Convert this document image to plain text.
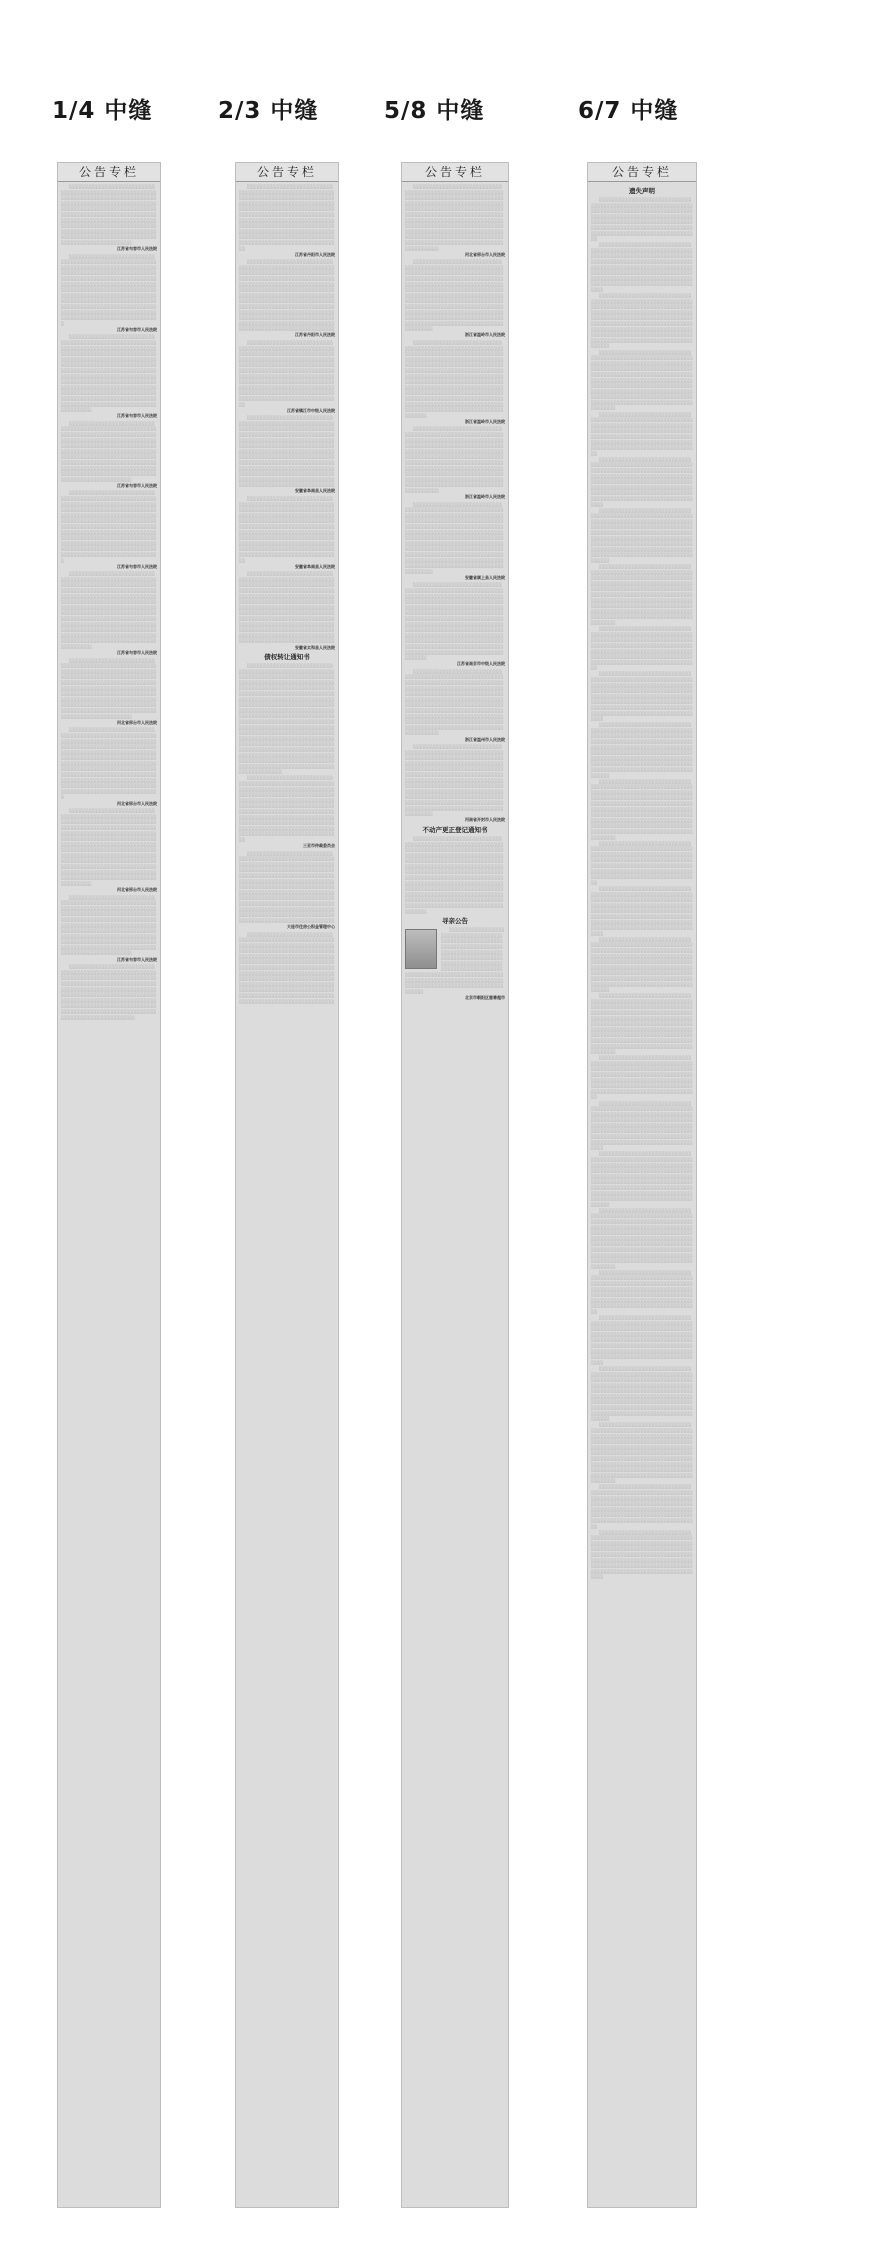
1/4 中缝	2/3 中缝	5/8 中缝	6/7 中缝
公告专栏

░░░░░░░░░░░░░░░░░░░░░░░░░░░░░░░░░░░░░░░░░░░░░░░░░░░░░░░░░░░░░░░░░░░░░░░░░░░░░░░░░░░░░░░░░░░░░░░░░░░░░░░░░░░░░░░░░░░░░░░░░░░░░░░░░░░░░░░░░░░░░░░░░░░░░░░░░░░░░░░░░░░░░░░░░░░░░░░░░░░░░░░░░░░░░░░░░░░░░░░░░░░░░░░░░░░░░░░░░░░░░░░░░░░░░░░░░░░░░░░░░░░░░░░░░░░░░░░░░░░░░░░░░░░░░░░░░░░░░░░░░░░░░░░░░░░░░░░░░░░░░░░░░░░░░░░░░░░░░░░░░░░░░░░░░░

江苏省句容市人民法院

░░░░░░░░░░░░░░░░░░░░░░░░░░░░░░░░░░░░░░░░░░░░░░░░░░░░░░░░░░░░░░░░░░░░░░░░░░░░░░░░░░░░░░░░░░░░░░░░░░░░░░░░░░░░░░░░░░░░░░░░░░░░░░░░░░░░░░░░░░░░░░░░░░░░░░░░░░░░░░░░░░░░░░░░░░░░░░░░░░░░░░░░░░░░░░░░░░░░░░░░░░░░░░░░░░░░░░░░░░░░░░░░░░░░░░░░░░░░░░░░░░░░░░░░░░░░░░░░░░░░░░░░░░░░░░░░░░░░░░░░░░░░░░░░░░░░░░░░░░░░░░░░░░░░░░░░░░░░░░░░░░░░░░░░░░░░░░░░░░░░░░░░░░░░░░░░░░░░░░░░░░░░░░░░░░

江苏省句容市人民法院

░░░░░░░░░░░░░░░░░░░░░░░░░░░░░░░░░░░░░░░░░░░░░░░░░░░░░░░░░░░░░░░░░░░░░░░░░░░░░░░░░░░░░░░░░░░░░░░░░░░░░░░░░░░░░░░░░░░░░░░░░░░░░░░░░░░░░░░░░░░░░░░░░░░░░░░░░░░░░░░░░░░░░░░░░░░░░░░░░░░░░░░░░░░░░░░░░░░░░░░░░░░░░░░░░░░░░░░░░░░░░░░░░░░░░░░░░░░░░░░░░░░░░░░░░░░░░░░░░░░░░░░░░░░░░░░░░░░░░░░░░░░░░░░░░░░░░░░░░░░░░░░░░░░░░░░░░░░░░░░░░░░░░░░░░░░░░░░░░░░░░░░░░░░░░░░░░░░░░░░░░░░░░░░░░░░░░░░░░░░░░░░░░░░░░░░░░░░░░░░░░░░░░░░░░░

江苏省句容市人民法院

░░░░░░░░░░░░░░░░░░░░░░░░░░░░░░░░░░░░░░░░░░░░░░░░░░░░░░░░░░░░░░░░░░░░░░░░░░░░░░░░░░░░░░░░░░░░░░░░░░░░░░░░░░░░░░░░░░░░░░░░░░░░░░░░░░░░░░░░░░░░░░░░░░░░░░░░░░░░░░░░░░░░░░░░░░░░░░░░░░░░░░░░░░░░░░░░░░░░░░░░░░░░░░░░░░░░░░░░░░░░░░░░░░░░░░░░░░░░░░░░░░░░░░░░░░░░░░░░░░░░░░░░░░░░░░░░░░░░░░░░░░░░░░░░░░░░░░░░░░░░░░░░░░░░░░░░░░░░░░░░░░░░░░░░░░

江苏省句容市人民法院

░░░░░░░░░░░░░░░░░░░░░░░░░░░░░░░░░░░░░░░░░░░░░░░░░░░░░░░░░░░░░░░░░░░░░░░░░░░░░░░░░░░░░░░░░░░░░░░░░░░░░░░░░░░░░░░░░░░░░░░░░░░░░░░░░░░░░░░░░░░░░░░░░░░░░░░░░░░░░░░░░░░░░░░░░░░░░░░░░░░░░░░░░░░░░░░░░░░░░░░░░░░░░░░░░░░░░░░░░░░░░░░░░░░░░░░░░░░░░░░░░░░░░░░░░░░░░░░░░░░░░░░░░░░░░░░░░░░░░░░░░░░░░░░░░░░░░░░░░░░░░░░░░░░░░░░░░░░░░░░░░░░░░░░░░░░░░░░░░░░░░░░░░░░░░░░░░░░░░░░░░░░░░░░░░░

江苏省句容市人民法院

░░░░░░░░░░░░░░░░░░░░░░░░░░░░░░░░░░░░░░░░░░░░░░░░░░░░░░░░░░░░░░░░░░░░░░░░░░░░░░░░░░░░░░░░░░░░░░░░░░░░░░░░░░░░░░░░░░░░░░░░░░░░░░░░░░░░░░░░░░░░░░░░░░░░░░░░░░░░░░░░░░░░░░░░░░░░░░░░░░░░░░░░░░░░░░░░░░░░░░░░░░░░░░░░░░░░░░░░░░░░░░░░░░░░░░░░░░░░░░░░░░░░░░░░░░░░░░░░░░░░░░░░░░░░░░░░░░░░░░░░░░░░░░░░░░░░░░░░░░░░░░░░░░░░░░░░░░░░░░░░░░░░░░░░░░░░░░░░░░░░░░░░░░░░░░░░░░░░░░░░░░░░░░░░░░░░░░░░░░░░░░░░░░░░░░░░░░░░░░░░░░░░░░░░░░

江苏省句容市人民法院

░░░░░░░░░░░░░░░░░░░░░░░░░░░░░░░░░░░░░░░░░░░░░░░░░░░░░░░░░░░░░░░░░░░░░░░░░░░░░░░░░░░░░░░░░░░░░░░░░░░░░░░░░░░░░░░░░░░░░░░░░░░░░░░░░░░░░░░░░░░░░░░░░░░░░░░░░░░░░░░░░░░░░░░░░░░░░░░░░░░░░░░░░░░░░░░░░░░░░░░░░░░░░░░░░░░░░░░░░░░░░░░░░░░░░░░░░░░░░░░░░░░░░░░░░░░░░░░░░░░░░░░░░░░░░░░░░░░░░░░░░░░░░░░░░░░░░░░░░░░░░░░░░░░░░░░░░░░░░░░░░░░░░░░░░░

河北省邢台市人民法院

░░░░░░░░░░░░░░░░░░░░░░░░░░░░░░░░░░░░░░░░░░░░░░░░░░░░░░░░░░░░░░░░░░░░░░░░░░░░░░░░░░░░░░░░░░░░░░░░░░░░░░░░░░░░░░░░░░░░░░░░░░░░░░░░░░░░░░░░░░░░░░░░░░░░░░░░░░░░░░░░░░░░░░░░░░░░░░░░░░░░░░░░░░░░░░░░░░░░░░░░░░░░░░░░░░░░░░░░░░░░░░░░░░░░░░░░░░░░░░░░░░░░░░░░░░░░░░░░░░░░░░░░░░░░░░░░░░░░░░░░░░░░░░░░░░░░░░░░░░░░░░░░░░░░░░░░░░░░░░░░░░░░░░░░░░░░░░░░░░░░░░░░░░░░░░░░░░░░░░░░░░░░░░░░░░

河北省邢台市人民法院

░░░░░░░░░░░░░░░░░░░░░░░░░░░░░░░░░░░░░░░░░░░░░░░░░░░░░░░░░░░░░░░░░░░░░░░░░░░░░░░░░░░░░░░░░░░░░░░░░░░░░░░░░░░░░░░░░░░░░░░░░░░░░░░░░░░░░░░░░░░░░░░░░░░░░░░░░░░░░░░░░░░░░░░░░░░░░░░░░░░░░░░░░░░░░░░░░░░░░░░░░░░░░░░░░░░░░░░░░░░░░░░░░░░░░░░░░░░░░░░░░░░░░░░░░░░░░░░░░░░░░░░░░░░░░░░░░░░░░░░░░░░░░░░░░░░░░░░░░░░░░░░░░░░░░░░░░░░░░░░░░░░░░░░░░░░░░░░░░░░░░░░░░░░░░░░░░░░░░░░░░░░░░░░░░░░░░░░░░░░░░░░░░░░░░░░░░░░░░░░░░░░░░░░░░░

河北省邢台市人民法院

░░░░░░░░░░░░░░░░░░░░░░░░░░░░░░░░░░░░░░░░░░░░░░░░░░░░░░░░░░░░░░░░░░░░░░░░░░░░░░░░░░░░░░░░░░░░░░░░░░░░░░░░░░░░░░░░░░░░░░░░░░░░░░░░░░░░░░░░░░░░░░░░░░░░░░░░░░░░░░░░░░░░░░░░░░░░░░░░░░░░░░░░░░░░░░░░░░░░░░░░░░░░░░░░░░░░░░░░░░░░░░░░░░░░░░░░░░░░░░░░░░░░░░░░░░░░░░░░░░░░░░░░░░░░░░░░░░░░░░░░░░░░░░░░░░░░░░░░░░░░░░░░░░░░░░░░░░░░░░░░░░░░░░░░░░

江苏省句容市人民法院

░░░░░░░░░░░░░░░░░░░░░░░░░░░░░░░░░░░░░░░░░░░░░░░░░░░░░░░░░░░░░░░░░░░░░░░░░░░░░░░░░░░░░░░░░░░░░░░░░░░░░░░░░░░░░░░░░░░░░░░░░░░░░░░░░░░░░░░░░░░░░░░░░░░░░░░░░░░░░░░░░░░░░░░░░░░░░░░░░░░░░░░░░░░░░░░░░░░░░░░░░░░░░░░░░░░░░░░░░░░░░░░░░░░░░░░░░░░░░░░░░░░░░░░░░░░░░░░░░░░░░░░░░░░░░░░░░░░░░░░░░░░░░░░░░░░░░░░░░░░░

公告专栏

░░░░░░░░░░░░░░░░░░░░░░░░░░░░░░░░░░░░░░░░░░░░░░░░░░░░░░░░░░░░░░░░░░░░░░░░░░░░░░░░░░░░░░░░░░░░░░░░░░░░░░░░░░░░░░░░░░░░░░░░░░░░░░░░░░░░░░░░░░░░░░░░░░░░░░░░░░░░░░░░░░░░░░░░░░░░░░░░░░░░░░░░░░░░░░░░░░░░░░░░░░░░░░░░░░░░░░░░░░░░░░░░░░░░░░░░░░░░░░░░░░░░░░░░░░░░░░░░░░░░░░░░░░░░░░░░░░░░░░░░░░░░░░░░░░░░░░░░░░░░░░░░░░░░░░░░░░░░░░░░░░░░░░░░░░░░░░░░░░░░

江苏省丹阳市人民法院

░░░░░░░░░░░░░░░░░░░░░░░░░░░░░░░░░░░░░░░░░░░░░░░░░░░░░░░░░░░░░░░░░░░░░░░░░░░░░░░░░░░░░░░░░░░░░░░░░░░░░░░░░░░░░░░░░░░░░░░░░░░░░░░░░░░░░░░░░░░░░░░░░░░░░░░░░░░░░░░░░░░░░░░░░░░░░░░░░░░░░░░░░░░░░░░░░░░░░░░░░░░░░░░░░░░░░░░░░░░░░░░░░░░░░░░░░░░░░░░░░░░░░░░░░░░░░░░░░░░░░░░░░░░░░░░░░░░░░░░░░░░░░░░░░░░░░░░░░░░░░░░░░░░░░░░░░░░░░░░░░░░░░░░░░░░░░░░░░░░░░░░░░░░░░░░░░░░░░░░░░░░░░░░░░░░░░░░░░░░░░░░░░░░░░░░░░░░░░░░░

江苏省丹阳市人民法院

░░░░░░░░░░░░░░░░░░░░░░░░░░░░░░░░░░░░░░░░░░░░░░░░░░░░░░░░░░░░░░░░░░░░░░░░░░░░░░░░░░░░░░░░░░░░░░░░░░░░░░░░░░░░░░░░░░░░░░░░░░░░░░░░░░░░░░░░░░░░░░░░░░░░░░░░░░░░░░░░░░░░░░░░░░░░░░░░░░░░░░░░░░░░░░░░░░░░░░░░░░░░░░░░░░░░░░░░░░░░░░░░░░░░░░░░░░░░░░░░░░░░░░░░░░░░░░░░░░░░░░░░░░░░░░░░░░░░░░░░░░░░░░░░░░░░░░░░░░░░░░░░░░░░░░░░░░░░░░░░░░░░░░░░░░░░░░░░░░░░

江苏省镇江市中级人民法院

░░░░░░░░░░░░░░░░░░░░░░░░░░░░░░░░░░░░░░░░░░░░░░░░░░░░░░░░░░░░░░░░░░░░░░░░░░░░░░░░░░░░░░░░░░░░░░░░░░░░░░░░░░░░░░░░░░░░░░░░░░░░░░░░░░░░░░░░░░░░░░░░░░░░░░░░░░░░░░░░░░░░░░░░░░░░░░░░░░░░░░░░░░░░░░░░░░░░░░░░░░░░░░░░░░░░░░░░░░░░░░░░░░░░░░░░░░░░░░░░░░░░░░░░░░░░░░░░░░░░░░░░░░░░░░░░░░░░░░░░░░░░░░░░░░░░░░░░░░░░░░░░░░░░░░░░░░░░░░░░░░░░░░░░░░░░░░░░░░░░░░░░░░░░░░░░░░░░░░░░░░░░░░░░░░░░░░░░░░░░░░░░░░░░░░░░░░░░░░░░

安徽省阜南县人民法院

░░░░░░░░░░░░░░░░░░░░░░░░░░░░░░░░░░░░░░░░░░░░░░░░░░░░░░░░░░░░░░░░░░░░░░░░░░░░░░░░░░░░░░░░░░░░░░░░░░░░░░░░░░░░░░░░░░░░░░░░░░░░░░░░░░░░░░░░░░░░░░░░░░░░░░░░░░░░░░░░░░░░░░░░░░░░░░░░░░░░░░░░░░░░░░░░░░░░░░░░░░░░░░░░░░░░░░░░░░░░░░░░░░░░░░░░░░░░░░░░░░░░░░░░░░░░░░░░░░░░░░░░░░░░░░░░░░░░░░░░░░░░░░░░░░░░░░░░░░░░░░░░░░░░░░░░░░░░░░░░░░░░░░░░░░░░░░░░░░░░

安徽省阜南县人民法院

░░░░░░░░░░░░░░░░░░░░░░░░░░░░░░░░░░░░░░░░░░░░░░░░░░░░░░░░░░░░░░░░░░░░░░░░░░░░░░░░░░░░░░░░░░░░░░░░░░░░░░░░░░░░░░░░░░░░░░░░░░░░░░░░░░░░░░░░░░░░░░░░░░░░░░░░░░░░░░░░░░░░░░░░░░░░░░░░░░░░░░░░░░░░░░░░░░░░░░░░░░░░░░░░░░░░░░░░░░░░░░░░░░░░░░░░░░░░░░░░░░░░░░░░░░░░░░░░░░░░░░░░░░░░░░░░░░░░░░░░░░░░░░░░░░░░░░░░░░░░░░░░░░░░░░░░░░░░░░░░░░░░░░░░░░░░░░░░░░░░░░░░░░░░░░░░░░░░░░░░░░░░░░░░░░░░░░░░░░░░░░░░░░░░░░░░░░░░░░░░

安徽省太和县人民法院

债权转让通知书

░░░░░░░░░░░░░░░░░░░░░░░░░░░░░░░░░░░░░░░░░░░░░░░░░░░░░░░░░░░░░░░░░░░░░░░░░░░░░░░░░░░░░░░░░░░░░░░░░░░░░░░░░░░░░░░░░░░░░░░░░░░░░░░░░░░░░░░░░░░░░░░░░░░░░░░░░░░░░░░░░░░░░░░░░░░░░░░░░░░░░░░░░░░░░░░░░░░░░░░░░░░░░░░░░░░░░░░░░░░░░░░░░░░░░░░░░░░░░░░░░░░░░░░░░░░░░░░░░░░░░░░░░░░░░░░░░░░░░░░░░░░░░░░░░░░░░░░░░░░░░░░░░░░░░░░░░░░░░░░░░░░░░░░░░░░░░░░░░░░░░░░░░░░░░░░░░░░░░░░░░░░░░░░░░░░░░░░░░░░░░░░░░░░░░░░░░░░░░░░░░░░░░░░░░░░░░░░░░░░░░░░░░░░░░░░░░░░░░░░░░░░░░░░░░░░░░░░░░░░░░░░░░░░░░░░░░░░░░░░░░░░░░░░░░░░░░░░░░░░░░░░░░░░░░░░░░░░░░░░░░░░░░░░░░░░░░░░░░░░░░░░░░░░░░░░░░░░░░░░░░░░░░░░░░░░░░░░░░░░░░░░░░░░░░░░░░░░░░░░░

░░░░░░░░░░░░░░░░░░░░░░░░░░░░░░░░░░░░░░░░░░░░░░░░░░░░░░░░░░░░░░░░░░░░░░░░░░░░░░░░░░░░░░░░░░░░░░░░░░░░░░░░░░░░░░░░░░░░░░░░░░░░░░░░░░░░░░░░░░░░░░░░░░░░░░░░░░░░░░░░░░░░░░░░░░░░░░░░░░░░░░░░░░░░░░░░░░░░░░░░░░░░░░░░░░░░░░░░░░░░░░░░░░░░░░░░░░░░░░░░░░░░░░░░░░░░░░░░░░░░░░░░░░░░░░░░░░░░░░░░░░░░░░░░░░░░░░░░░░░░░░░░░░░░░░░░░░░░░░░░░░░░░░░░░░░░░░░░░░░░

三亚市仲裁委员会

░░░░░░░░░░░░░░░░░░░░░░░░░░░░░░░░░░░░░░░░░░░░░░░░░░░░░░░░░░░░░░░░░░░░░░░░░░░░░░░░░░░░░░░░░░░░░░░░░░░░░░░░░░░░░░░░░░░░░░░░░░░░░░░░░░░░░░░░░░░░░░░░░░░░░░░░░░░░░░░░░░░░░░░░░░░░░░░░░░░░░░░░░░░░░░░░░░░░░░░░░░░░░░░░░░░░░░░░░░░░░░░░░░░░░░░░░░░░░░░░░░░░░░░░░░░░░░░░░░░░░░░░░░░░░░░░░░░░░░░░░░░░░░░░░░░░░░░░░░░░░░░░░░░░░░░░░░░░░░░░░░░░░░░░░░░░░░░░░░░░░░░░░░░░░░░░░░░░░░░░░░░░░░░░░░░░░░░░░░░░░░░░░░░░░░░░░░░░░░░░

大连市住房公积金管理中心

░░░░░░░░░░░░░░░░░░░░░░░░░░░░░░░░░░░░░░░░░░░░░░░░░░░░░░░░░░░░░░░░░░░░░░░░░░░░░░░░░░░░░░░░░░░░░░░░░░░░░░░░░░░░░░░░░░░░░░░░░░░░░░░░░░░░░░░░░░░░░░░░░░░░░░░░░░░░░░░░░░░░░░░░░░░░░░░░░░░░░░░░░░░░░░░░░░░░░░░░░░░░░░░░░░░░░░░░░░░░░░░░░░░░░░░░░░░░░░░░░░░░░░░░░░░░░░░░░░░░░░░░░░░░░░░░░░░░░░░░░░░░░░░░░░░░░░░░░░░░░░░░░░░░░░░░░░░░░░░░░░░░░░░░░░░░░░░░░░░░░░░░░░░░░░░░░░░░░░░░░░░░░░░░░░░░░░░░░░░░░░░░░░░░░░░░░░░░░░░░

公告专栏

░░░░░░░░░░░░░░░░░░░░░░░░░░░░░░░░░░░░░░░░░░░░░░░░░░░░░░░░░░░░░░░░░░░░░░░░░░░░░░░░░░░░░░░░░░░░░░░░░░░░░░░░░░░░░░░░░░░░░░░░░░░░░░░░░░░░░░░░░░░░░░░░░░░░░░░░░░░░░░░░░░░░░░░░░░░░░░░░░░░░░░░░░░░░░░░░░░░░░░░░░░░░░░░░░░░░░░░░░░░░░░░░░░░░░░░░░░░░░░░░░░░░░░░░░░░░░░░░░░░░░░░░░░░░░░░░░░░░░░░░░░░░░░░░░░░░░░░░░░░░░░░░░░░░░░░░░░░░░░░░░░░░░░░░░░░░░░░░░░░░░░░░░░░░░░░░░░░░░░░░

河北省邢台市人民法院

░░░░░░░░░░░░░░░░░░░░░░░░░░░░░░░░░░░░░░░░░░░░░░░░░░░░░░░░░░░░░░░░░░░░░░░░░░░░░░░░░░░░░░░░░░░░░░░░░░░░░░░░░░░░░░░░░░░░░░░░░░░░░░░░░░░░░░░░░░░░░░░░░░░░░░░░░░░░░░░░░░░░░░░░░░░░░░░░░░░░░░░░░░░░░░░░░░░░░░░░░░░░░░░░░░░░░░░░░░░░░░░░░░░░░░░░░░░░░░░░░░░░░░░░░░░░░░░░░░░░░░░░░░░░░░░░░░░░░░░░░░░░░░░░░░░░░░░░░░░░░░░░░░░░░░░░░░░░░░░░░░░░░░░░░░░░░░░░░░░░░░░░░░░░░░░░░░░░░░░░░░░░░░░░░░░░░░░░░░░░░░░░░░░░░░

浙江省温岭市人民法院

░░░░░░░░░░░░░░░░░░░░░░░░░░░░░░░░░░░░░░░░░░░░░░░░░░░░░░░░░░░░░░░░░░░░░░░░░░░░░░░░░░░░░░░░░░░░░░░░░░░░░░░░░░░░░░░░░░░░░░░░░░░░░░░░░░░░░░░░░░░░░░░░░░░░░░░░░░░░░░░░░░░░░░░░░░░░░░░░░░░░░░░░░░░░░░░░░░░░░░░░░░░░░░░░░░░░░░░░░░░░░░░░░░░░░░░░░░░░░░░░░░░░░░░░░░░░░░░░░░░░░░░░░░░░░░░░░░░░░░░░░░░░░░░░░░░░░░░░░░░░░░░░░░░░░░░░░░░░░░░░░░░░░░░░░░░░░░░░░░░░░░░░░░░░░░░░░░░░░░░░░░░░░░░░░░░░░░░░░░░░░░░░░░░░░░░░░░░░░░░░░░░░░░░░░░░░░░░░░░░░

浙江省温岭市人民法院

░░░░░░░░░░░░░░░░░░░░░░░░░░░░░░░░░░░░░░░░░░░░░░░░░░░░░░░░░░░░░░░░░░░░░░░░░░░░░░░░░░░░░░░░░░░░░░░░░░░░░░░░░░░░░░░░░░░░░░░░░░░░░░░░░░░░░░░░░░░░░░░░░░░░░░░░░░░░░░░░░░░░░░░░░░░░░░░░░░░░░░░░░░░░░░░░░░░░░░░░░░░░░░░░░░░░░░░░░░░░░░░░░░░░░░░░░░░░░░░░░░░░░░░░░░░░░░░░░░░░░░░░░░░░░░░░░░░░░░░░░░░░░░░░░░░░░░░░░░░░░░░░░░░░░░░░░░░░░░░░░░░░░░░░░░░░░░░░░░░░░░░░░░░░░░░░░░░░░░░░

浙江省温岭市人民法院

░░░░░░░░░░░░░░░░░░░░░░░░░░░░░░░░░░░░░░░░░░░░░░░░░░░░░░░░░░░░░░░░░░░░░░░░░░░░░░░░░░░░░░░░░░░░░░░░░░░░░░░░░░░░░░░░░░░░░░░░░░░░░░░░░░░░░░░░░░░░░░░░░░░░░░░░░░░░░░░░░░░░░░░░░░░░░░░░░░░░░░░░░░░░░░░░░░░░░░░░░░░░░░░░░░░░░░░░░░░░░░░░░░░░░░░░░░░░░░░░░░░░░░░░░░░░░░░░░░░░░░░░░░░░░░░░░░░░░░░░░░░░░░░░░░░░░░░░░░░░░░░░░░░░░░░░░░░░░░░░░░░░░░░░░░░░░░░░░░░░░░░░░░░░░░░░░░░░░░░░░░░░░░░░░░░░░░░░░░░░░░░░░░░░░░

安徽省颍上县人民法院

░░░░░░░░░░░░░░░░░░░░░░░░░░░░░░░░░░░░░░░░░░░░░░░░░░░░░░░░░░░░░░░░░░░░░░░░░░░░░░░░░░░░░░░░░░░░░░░░░░░░░░░░░░░░░░░░░░░░░░░░░░░░░░░░░░░░░░░░░░░░░░░░░░░░░░░░░░░░░░░░░░░░░░░░░░░░░░░░░░░░░░░░░░░░░░░░░░░░░░░░░░░░░░░░░░░░░░░░░░░░░░░░░░░░░░░░░░░░░░░░░░░░░░░░░░░░░░░░░░░░░░░░░░░░░░░░░░░░░░░░░░░░░░░░░░░░░░░░░░░░░░░░░░░░░░░░░░░░░░░░░░░░░░░░░░░░░░░░░░░░░░░░░░░░░░░░░░░░░░░░░░░░░░░░░░░░░░░░░░░░░░░░░░░░░░░░░░░░░░░░░░░░░░░░░░░░░░░░░░░░

江苏省南京市中级人民法院

░░░░░░░░░░░░░░░░░░░░░░░░░░░░░░░░░░░░░░░░░░░░░░░░░░░░░░░░░░░░░░░░░░░░░░░░░░░░░░░░░░░░░░░░░░░░░░░░░░░░░░░░░░░░░░░░░░░░░░░░░░░░░░░░░░░░░░░░░░░░░░░░░░░░░░░░░░░░░░░░░░░░░░░░░░░░░░░░░░░░░░░░░░░░░░░░░░░░░░░░░░░░░░░░░░░░░░░░░░░░░░░░░░░░░░░░░░░░░░░░░░░░░░░░░░░░░░░░░░░░░░░░░░░░░░░░░░░░░░░░░░░░░░░░░░░░░░░░░░░░░░░░░░░░░░░░░░░░░░░░░░░░░░░░░░░░░░░░░░░░░░░░░░░░░░░░░░░░░░░░

浙江省温州市人民法院

░░░░░░░░░░░░░░░░░░░░░░░░░░░░░░░░░░░░░░░░░░░░░░░░░░░░░░░░░░░░░░░░░░░░░░░░░░░░░░░░░░░░░░░░░░░░░░░░░░░░░░░░░░░░░░░░░░░░░░░░░░░░░░░░░░░░░░░░░░░░░░░░░░░░░░░░░░░░░░░░░░░░░░░░░░░░░░░░░░░░░░░░░░░░░░░░░░░░░░░░░░░░░░░░░░░░░░░░░░░░░░░░░░░░░░░░░░░░░░░░░░░░░░░░░░░░░░░░░░░░░░░░░░░░░░░░░░░░░░░░░░░░░░░░░░░░░░░░░░░░░░░░░░░░░░░░░░░░░░░░░░░░░░░░░░░░░░░░░░░░░░░░░░░░░░░░░░░░░░░░░░░░░░░░░░░░░░░░░░░░░░░░░░░░░░

河南省开封市人民法院

不动产更正登记通知书

░░░░░░░░░░░░░░░░░░░░░░░░░░░░░░░░░░░░░░░░░░░░░░░░░░░░░░░░░░░░░░░░░░░░░░░░░░░░░░░░░░░░░░░░░░░░░░░░░░░░░░░░░░░░░░░░░░░░░░░░░░░░░░░░░░░░░░░░░░░░░░░░░░░░░░░░░░░░░░░░░░░░░░░░░░░░░░░░░░░░░░░░░░░░░░░░░░░░░░░░░░░░░░░░░░░░░░░░░░░░░░░░░░░░░░░░░░░░░░░░░░░░░░░░░░░░░░░░░░░░░░░░░░░░░░░░░░░░░░░░░░░░░░░░░░░░░░░░░░░░░░░░░░░░░░░░░░░░░░░░░░░░░░░░░░░░░░░░░░░░░░░░░░░░░░░░░░░░░░░░░░░░░░░░░░░░░░░░░░░░░░░░░░░░░░░░░░░░░░░░░░░░░░░░░░░░░░░░░░░░

寻亲公告

░░░░░░░░░░░░░░░░░░░░░░░░░░░░░░░░░░░░░░░░░░░░░░░░░░░░░░░░░░░░░░░░░░░░░░░░░░░░░░░░░░░░░░░░░░░░░░░░░░░░░░░░░░░░░░░░░░░░░░░░░░░░░░░░░░░░░░░░░░░░░░░░░░░░░░░░░░░░░░░░░░░░░░░░░░░░░░░░░░░░░░░░░░░░░░░░░░░░░░░░░░░░░░░░░░░░░░░░░░░░░░░░░░░░░░░░░░░░░░░░░░░░░░░░░░░░░░░░░░░░

北京市朝阳区慈善超市

公告专栏

遗失声明

░░░░░░░░░░░░░░░░░░░░░░░░░░░░░░░░░░░░░░░░░░░░░░░░░░░░░░░░░░░░░░░░░░░░░░░░░░░░░░░░░░░░░░░░░░░░░░░░░░░░░░░░░░░░░░░░░░░░░░░░░░░░░░░░░░░░░░░░░░░░░░░░░░░░░░░░░░░░░░░░░░░░░░░░░░░░░░░░░░░░░░░░░░░░░░░░░░░░░░░░░░░░░░░░░░░░░░░░░░░░░░░░░░░░░░

░░░░░░░░░░░░░░░░░░░░░░░░░░░░░░░░░░░░░░░░░░░░░░░░░░░░░░░░░░░░░░░░░░░░░░░░░░░░░░░░░░░░░░░░░░░░░░░░░░░░░░░░░░░░░░░░░░░░░░░░░░░░░░░░░░░░░░░░░░░░░░░░░░░░░░░░░░░░░░░░░░░░░░░░░░░░░░░░░░░░░░░░░░░░░░░░░░░░░░░░░░░░░░░░░░░░░░░░░░░░░░░░░░░░░░░░░░░░░░░░░░░░░░░░░░░░░░░░░░░░░░░░░

░░░░░░░░░░░░░░░░░░░░░░░░░░░░░░░░░░░░░░░░░░░░░░░░░░░░░░░░░░░░░░░░░░░░░░░░░░░░░░░░░░░░░░░░░░░░░░░░░░░░░░░░░░░░░░░░░░░░░░░░░░░░░░░░░░░░░░░░░░░░░░░░░░░░░░░░░░░░░░░░░░░░░░░░░░░░░░░░░░░░░░░░░░░░░░░░░░░░░░░░░░░░░░░░░░░░░░░░░░░░░░░░░░░░░░░░░░░░░░░░░░░░░░░░░░░░░░░░░░░░░░░░░░░░░░░░░░░░░░░░░░░░░░░░░░░░░░░░░░░░

░░░░░░░░░░░░░░░░░░░░░░░░░░░░░░░░░░░░░░░░░░░░░░░░░░░░░░░░░░░░░░░░░░░░░░░░░░░░░░░░░░░░░░░░░░░░░░░░░░░░░░░░░░░░░░░░░░░░░░░░░░░░░░░░░░░░░░░░░░░░░░░░░░░░░░░░░░░░░░░░░░░░░░░░░░░░░░░░░░░░░░░░░░░░░░░░░░░░░░░░░░░░░░░░░░░░░░░░░░░░░░░░░░░░░░░░░░░░░░░░░░░░░░░░░░░░░░░░░░░░░░░░░░░░░░░░░░░░░░░░░░░░░░░░░░░░░░░░░░░░░░░░░░░░░░░░░░░░░░░░░░░░░░░░░░░░░░░

░░░░░░░░░░░░░░░░░░░░░░░░░░░░░░░░░░░░░░░░░░░░░░░░░░░░░░░░░░░░░░░░░░░░░░░░░░░░░░░░░░░░░░░░░░░░░░░░░░░░░░░░░░░░░░░░░░░░░░░░░░░░░░░░░░░░░░░░░░░░░░░░░░░░░░░░░░░░░░░░░░░░░░░░░░░░░░░░░░░░░░░░░░░░░░░░░░░░░░░░░░░░░░░░░░░░░░░░░░░░░░░░░░░░░░

░░░░░░░░░░░░░░░░░░░░░░░░░░░░░░░░░░░░░░░░░░░░░░░░░░░░░░░░░░░░░░░░░░░░░░░░░░░░░░░░░░░░░░░░░░░░░░░░░░░░░░░░░░░░░░░░░░░░░░░░░░░░░░░░░░░░░░░░░░░░░░░░░░░░░░░░░░░░░░░░░░░░░░░░░░░░░░░░░░░░░░░░░░░░░░░░░░░░░░░░░░░░░░░░░░░░░░░░░░░░░░░░░░░░░░░░░░░░░░░░░░░░░░░░░░░░░░░░░░░░░░░░░

░░░░░░░░░░░░░░░░░░░░░░░░░░░░░░░░░░░░░░░░░░░░░░░░░░░░░░░░░░░░░░░░░░░░░░░░░░░░░░░░░░░░░░░░░░░░░░░░░░░░░░░░░░░░░░░░░░░░░░░░░░░░░░░░░░░░░░░░░░░░░░░░░░░░░░░░░░░░░░░░░░░░░░░░░░░░░░░░░░░░░░░░░░░░░░░░░░░░░░░░░░░░░░░░░░░░░░░░░░░░░░░░░░░░░░░░░░░░░░░░░░░░░░░░░░░░░░░░░░░░░░░░░░░░░░░░░░░░░░░░░░░░░░░░░░░░░░░░░░░░

░░░░░░░░░░░░░░░░░░░░░░░░░░░░░░░░░░░░░░░░░░░░░░░░░░░░░░░░░░░░░░░░░░░░░░░░░░░░░░░░░░░░░░░░░░░░░░░░░░░░░░░░░░░░░░░░░░░░░░░░░░░░░░░░░░░░░░░░░░░░░░░░░░░░░░░░░░░░░░░░░░░░░░░░░░░░░░░░░░░░░░░░░░░░░░░░░░░░░░░░░░░░░░░░░░░░░░░░░░░░░░░░░░░░░░░░░░░░░░░░░░░░░░░░░░░░░░░░░░░░░░░░░░░░░░░░░░░░░░░░░░░░░░░░░░░░░░░░░░░░░░░░░░░░░░░░░░░░░░░░░░░░░░░░░░░░░░░

░░░░░░░░░░░░░░░░░░░░░░░░░░░░░░░░░░░░░░░░░░░░░░░░░░░░░░░░░░░░░░░░░░░░░░░░░░░░░░░░░░░░░░░░░░░░░░░░░░░░░░░░░░░░░░░░░░░░░░░░░░░░░░░░░░░░░░░░░░░░░░░░░░░░░░░░░░░░░░░░░░░░░░░░░░░░░░░░░░░░░░░░░░░░░░░░░░░░░░░░░░░░░░░░░░░░░░░░░░░░░░░░░░░░░░

░░░░░░░░░░░░░░░░░░░░░░░░░░░░░░░░░░░░░░░░░░░░░░░░░░░░░░░░░░░░░░░░░░░░░░░░░░░░░░░░░░░░░░░░░░░░░░░░░░░░░░░░░░░░░░░░░░░░░░░░░░░░░░░░░░░░░░░░░░░░░░░░░░░░░░░░░░░░░░░░░░░░░░░░░░░░░░░░░░░░░░░░░░░░░░░░░░░░░░░░░░░░░░░░░░░░░░░░░░░░░░░░░░░░░░░░░░░░░░░░░░░░░░░░░░░░░░░░░░░░░░░░░

░░░░░░░░░░░░░░░░░░░░░░░░░░░░░░░░░░░░░░░░░░░░░░░░░░░░░░░░░░░░░░░░░░░░░░░░░░░░░░░░░░░░░░░░░░░░░░░░░░░░░░░░░░░░░░░░░░░░░░░░░░░░░░░░░░░░░░░░░░░░░░░░░░░░░░░░░░░░░░░░░░░░░░░░░░░░░░░░░░░░░░░░░░░░░░░░░░░░░░░░░░░░░░░░░░░░░░░░░░░░░░░░░░░░░░░░░░░░░░░░░░░░░░░░░░░░░░░░░░░░░░░░░░░░░░░░░░░░░░░░░░░░░░░░░░░░░░░░░░░░

░░░░░░░░░░░░░░░░░░░░░░░░░░░░░░░░░░░░░░░░░░░░░░░░░░░░░░░░░░░░░░░░░░░░░░░░░░░░░░░░░░░░░░░░░░░░░░░░░░░░░░░░░░░░░░░░░░░░░░░░░░░░░░░░░░░░░░░░░░░░░░░░░░░░░░░░░░░░░░░░░░░░░░░░░░░░░░░░░░░░░░░░░░░░░░░░░░░░░░░░░░░░░░░░░░░░░░░░░░░░░░░░░░░░░░░░░░░░░░░░░░░░░░░░░░░░░░░░░░░░░░░░░░░░░░░░░░░░░░░░░░░░░░░░░░░░░░░░░░░░░░░░░░░░░░░░░░░░░░░░░░░░░░░░░░░░░░░

░░░░░░░░░░░░░░░░░░░░░░░░░░░░░░░░░░░░░░░░░░░░░░░░░░░░░░░░░░░░░░░░░░░░░░░░░░░░░░░░░░░░░░░░░░░░░░░░░░░░░░░░░░░░░░░░░░░░░░░░░░░░░░░░░░░░░░░░░░░░░░░░░░░░░░░░░░░░░░░░░░░░░░░░░░░░░░░░░░░░░░░░░░░░░░░░░░░░░░░░░░░░░░░░░░░░░░░░░░░░░░░░░░░░░░

░░░░░░░░░░░░░░░░░░░░░░░░░░░░░░░░░░░░░░░░░░░░░░░░░░░░░░░░░░░░░░░░░░░░░░░░░░░░░░░░░░░░░░░░░░░░░░░░░░░░░░░░░░░░░░░░░░░░░░░░░░░░░░░░░░░░░░░░░░░░░░░░░░░░░░░░░░░░░░░░░░░░░░░░░░░░░░░░░░░░░░░░░░░░░░░░░░░░░░░░░░░░░░░░░░░░░░░░░░░░░░░░░░░░░░░░░░░░░░░░░░░░░░░░░░░░░░░░░░░░░░░░░

░░░░░░░░░░░░░░░░░░░░░░░░░░░░░░░░░░░░░░░░░░░░░░░░░░░░░░░░░░░░░░░░░░░░░░░░░░░░░░░░░░░░░░░░░░░░░░░░░░░░░░░░░░░░░░░░░░░░░░░░░░░░░░░░░░░░░░░░░░░░░░░░░░░░░░░░░░░░░░░░░░░░░░░░░░░░░░░░░░░░░░░░░░░░░░░░░░░░░░░░░░░░░░░░░░░░░░░░░░░░░░░░░░░░░░░░░░░░░░░░░░░░░░░░░░░░░░░░░░░░░░░░░░░░░░░░░░░░░░░░░░░░░░░░░░░░░░░░░░░░

░░░░░░░░░░░░░░░░░░░░░░░░░░░░░░░░░░░░░░░░░░░░░░░░░░░░░░░░░░░░░░░░░░░░░░░░░░░░░░░░░░░░░░░░░░░░░░░░░░░░░░░░░░░░░░░░░░░░░░░░░░░░░░░░░░░░░░░░░░░░░░░░░░░░░░░░░░░░░░░░░░░░░░░░░░░░░░░░░░░░░░░░░░░░░░░░░░░░░░░░░░░░░░░░░░░░░░░░░░░░░░░░░░░░░░░░░░░░░░░░░░░░░░░░░░░░░░░░░░░░░░░░░░░░░░░░░░░░░░░░░░░░░░░░░░░░░░░░░░░░░░░░░░░░░░░░░░░░░░░░░░░░░░░░░░░░░░░

░░░░░░░░░░░░░░░░░░░░░░░░░░░░░░░░░░░░░░░░░░░░░░░░░░░░░░░░░░░░░░░░░░░░░░░░░░░░░░░░░░░░░░░░░░░░░░░░░░░░░░░░░░░░░░░░░░░░░░░░░░░░░░░░░░░░░░░░░░░░░░░░░░░░░░░░░░░░░░░░░░░░░░░░░░░░░░░░░░░░░░░░░░░░░░░░░░░░░░░░░░░░░░░░░░░░░░░░░░░░░░░░░░░░░░

░░░░░░░░░░░░░░░░░░░░░░░░░░░░░░░░░░░░░░░░░░░░░░░░░░░░░░░░░░░░░░░░░░░░░░░░░░░░░░░░░░░░░░░░░░░░░░░░░░░░░░░░░░░░░░░░░░░░░░░░░░░░░░░░░░░░░░░░░░░░░░░░░░░░░░░░░░░░░░░░░░░░░░░░░░░░░░░░░░░░░░░░░░░░░░░░░░░░░░░░░░░░░░░░░░░░░░░░░░░░░░░░░░░░░░░░░░░░░░░░░░░░░░░░░░░░░░░░░░░░░░░░░

░░░░░░░░░░░░░░░░░░░░░░░░░░░░░░░░░░░░░░░░░░░░░░░░░░░░░░░░░░░░░░░░░░░░░░░░░░░░░░░░░░░░░░░░░░░░░░░░░░░░░░░░░░░░░░░░░░░░░░░░░░░░░░░░░░░░░░░░░░░░░░░░░░░░░░░░░░░░░░░░░░░░░░░░░░░░░░░░░░░░░░░░░░░░░░░░░░░░░░░░░░░░░░░░░░░░░░░░░░░░░░░░░░░░░░░░░░░░░░░░░░░░░░░░░░░░░░░░░░░░░░░░░░░░░░░░░░░░░░░░░░░░░░░░░░░░░░░░░░░░

░░░░░░░░░░░░░░░░░░░░░░░░░░░░░░░░░░░░░░░░░░░░░░░░░░░░░░░░░░░░░░░░░░░░░░░░░░░░░░░░░░░░░░░░░░░░░░░░░░░░░░░░░░░░░░░░░░░░░░░░░░░░░░░░░░░░░░░░░░░░░░░░░░░░░░░░░░░░░░░░░░░░░░░░░░░░░░░░░░░░░░░░░░░░░░░░░░░░░░░░░░░░░░░░░░░░░░░░░░░░░░░░░░░░░░░░░░░░░░░░░░░░░░░░░░░░░░░░░░░░░░░░░░░░░░░░░░░░░░░░░░░░░░░░░░░░░░░░░░░░░░░░░░░░░░░░░░░░░░░░░░░░░░░░░░░░░░░

░░░░░░░░░░░░░░░░░░░░░░░░░░░░░░░░░░░░░░░░░░░░░░░░░░░░░░░░░░░░░░░░░░░░░░░░░░░░░░░░░░░░░░░░░░░░░░░░░░░░░░░░░░░░░░░░░░░░░░░░░░░░░░░░░░░░░░░░░░░░░░░░░░░░░░░░░░░░░░░░░░░░░░░░░░░░░░░░░░░░░░░░░░░░░░░░░░░░░░░░░░░░░░░░░░░░░░░░░░░░░░░░░░░░░░

░░░░░░░░░░░░░░░░░░░░░░░░░░░░░░░░░░░░░░░░░░░░░░░░░░░░░░░░░░░░░░░░░░░░░░░░░░░░░░░░░░░░░░░░░░░░░░░░░░░░░░░░░░░░░░░░░░░░░░░░░░░░░░░░░░░░░░░░░░░░░░░░░░░░░░░░░░░░░░░░░░░░░░░░░░░░░░░░░░░░░░░░░░░░░░░░░░░░░░░░░░░░░░░░░░░░░░░░░░░░░░░░░░░░░░░░░░░░░░░░░░░░░░░░░░░░░░░░░░░░░░░░░

░░░░░░░░░░░░░░░░░░░░░░░░░░░░░░░░░░░░░░░░░░░░░░░░░░░░░░░░░░░░░░░░░░░░░░░░░░░░░░░░░░░░░░░░░░░░░░░░░░░░░░░░░░░░░░░░░░░░░░░░░░░░░░░░░░░░░░░░░░░░░░░░░░░░░░░░░░░░░░░░░░░░░░░░░░░░░░░░░░░░░░░░░░░░░░░░░░░░░░░░░░░░░░░░░░░░░░░░░░░░░░░░░░░░░░░░░░░░░░░░░░░░░░░░░░░░░░░░░░░░░░░░░░░░░░░░░░░░░░░░░░░░░░░░░░░░░░░░░░░░

░░░░░░░░░░░░░░░░░░░░░░░░░░░░░░░░░░░░░░░░░░░░░░░░░░░░░░░░░░░░░░░░░░░░░░░░░░░░░░░░░░░░░░░░░░░░░░░░░░░░░░░░░░░░░░░░░░░░░░░░░░░░░░░░░░░░░░░░░░░░░░░░░░░░░░░░░░░░░░░░░░░░░░░░░░░░░░░░░░░░░░░░░░░░░░░░░░░░░░░░░░░░░░░░░░░░░░░░░░░░░░░░░░░░░░░░░░░░░░░░░░░░░░░░░░░░░░░░░░░░░░░░░░░░░░░░░░░░░░░░░░░░░░░░░░░░░░░░░░░░░░░░░░░░░░░░░░░░░░░░░░░░░░░░░░░░░░░

░░░░░░░░░░░░░░░░░░░░░░░░░░░░░░░░░░░░░░░░░░░░░░░░░░░░░░░░░░░░░░░░░░░░░░░░░░░░░░░░░░░░░░░░░░░░░░░░░░░░░░░░░░░░░░░░░░░░░░░░░░░░░░░░░░░░░░░░░░░░░░░░░░░░░░░░░░░░░░░░░░░░░░░░░░░░░░░░░░░░░░░░░░░░░░░░░░░░░░░░░░░░░░░░░░░░░░░░░░░░░░░░░░░░░░

░░░░░░░░░░░░░░░░░░░░░░░░░░░░░░░░░░░░░░░░░░░░░░░░░░░░░░░░░░░░░░░░░░░░░░░░░░░░░░░░░░░░░░░░░░░░░░░░░░░░░░░░░░░░░░░░░░░░░░░░░░░░░░░░░░░░░░░░░░░░░░░░░░░░░░░░░░░░░░░░░░░░░░░░░░░░░░░░░░░░░░░░░░░░░░░░░░░░░░░░░░░░░░░░░░░░░░░░░░░░░░░░░░░░░░░░░░░░░░░░░░░░░░░░░░░░░░░░░░░░░░░░░
